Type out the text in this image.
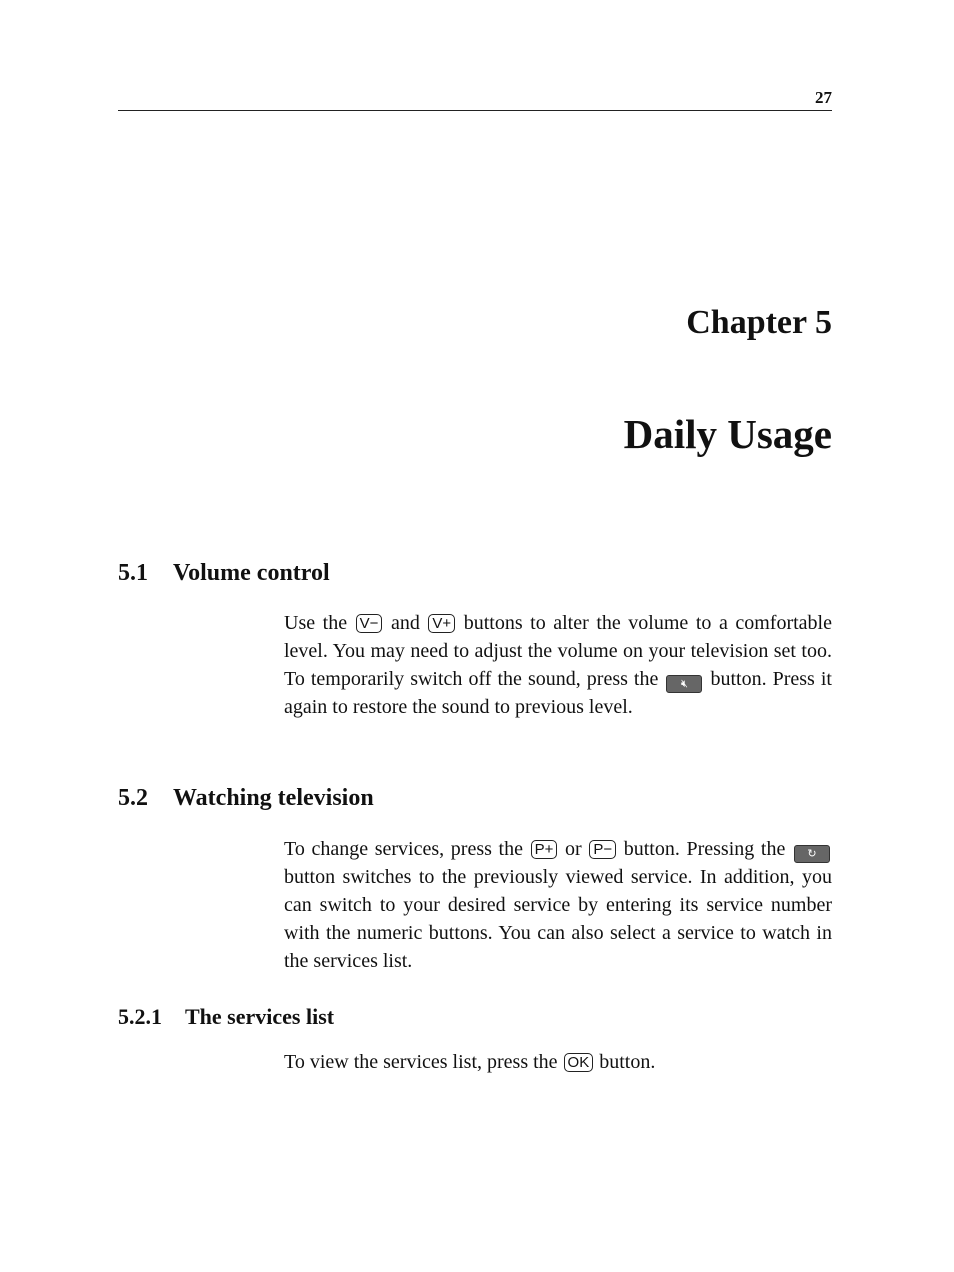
27
Chapter 5
Daily Usage
5.1 Volume control
Use the V− and V+ buttons to alter the volume to a comfortable level. You may need to adjust the volume on your television set too. To temporarily switch off the sound, press the 🔇︎ button. Press it again to restore the sound to previous level.
5.2 Watching television
To change services, press the P+ or P− button. Pressing the ↻ button switches to the previously viewed service. In addition, you can switch to your desired service by entering its service number with the numeric buttons. You can also select a service to watch in the services list.
5.2.1 The services list
To view the services list, press the OK button.
